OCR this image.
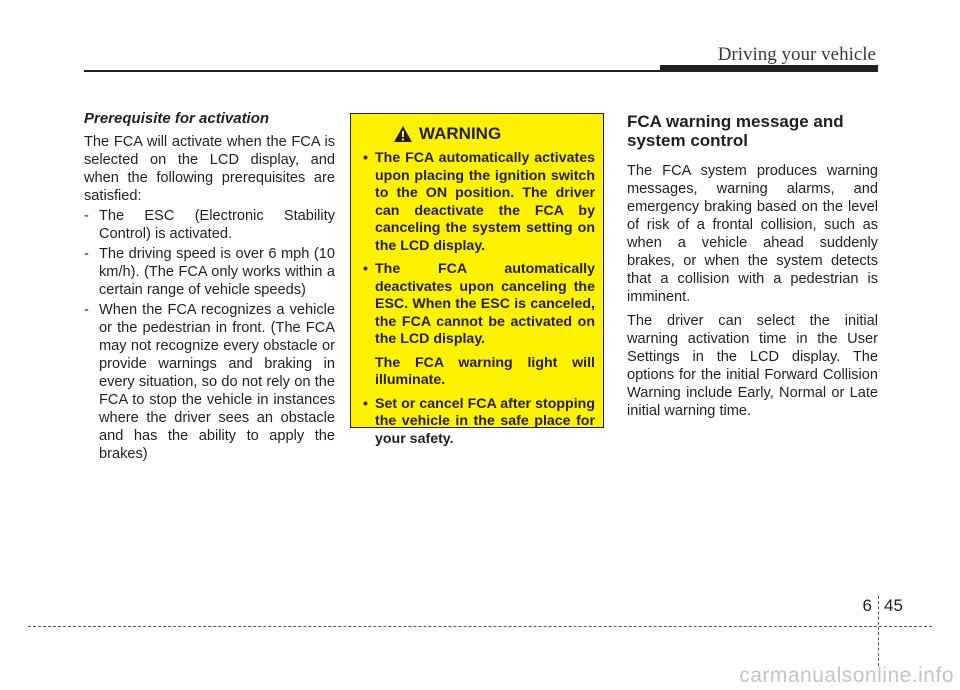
Driving your vehicle
Prerequisite for activation

The FCA will activate when the FCA is selected on the LCD display, and when the following prerequisites are satisfied:

- The ESC (Electronic Stability Control) is activated.
- The driving speed is over 6 mph (10 km/h). (The FCA only works within a certain range of vehicle speeds)
- When the FCA recognizes a vehicle or the pedestrian in front. (The FCA may not recognize every obstacle or provide warnings and braking in every situation, so do not rely on the FCA to stop the vehicle in instances where the driver sees an obstacle and has the ability to apply the brakes)
WARNING
• The FCA automatically activates upon placing the ignition switch to the ON position. The driver can deactivate the FCA by canceling the system setting on the LCD display.
• The FCA automatically deactivates upon canceling the ESC. When the ESC is canceled, the FCA cannot be activated on the LCD display.
The FCA warning light will illuminate.
• Set or cancel FCA after stopping the vehicle in the safe place for your safety.
FCA warning message and system control

The FCA system produces warning messages, warning alarms, and emergency braking based on the level of risk of a frontal collision, such as when a vehicle ahead suddenly brakes, or when the system detects that a collision with a pedestrian is imminent.

The driver can select the initial warning activation time in the User Settings in the LCD display. The options for the initial Forward Collision Warning include Early, Normal or Late initial warning time.

6 45
carmanualsonline.info
